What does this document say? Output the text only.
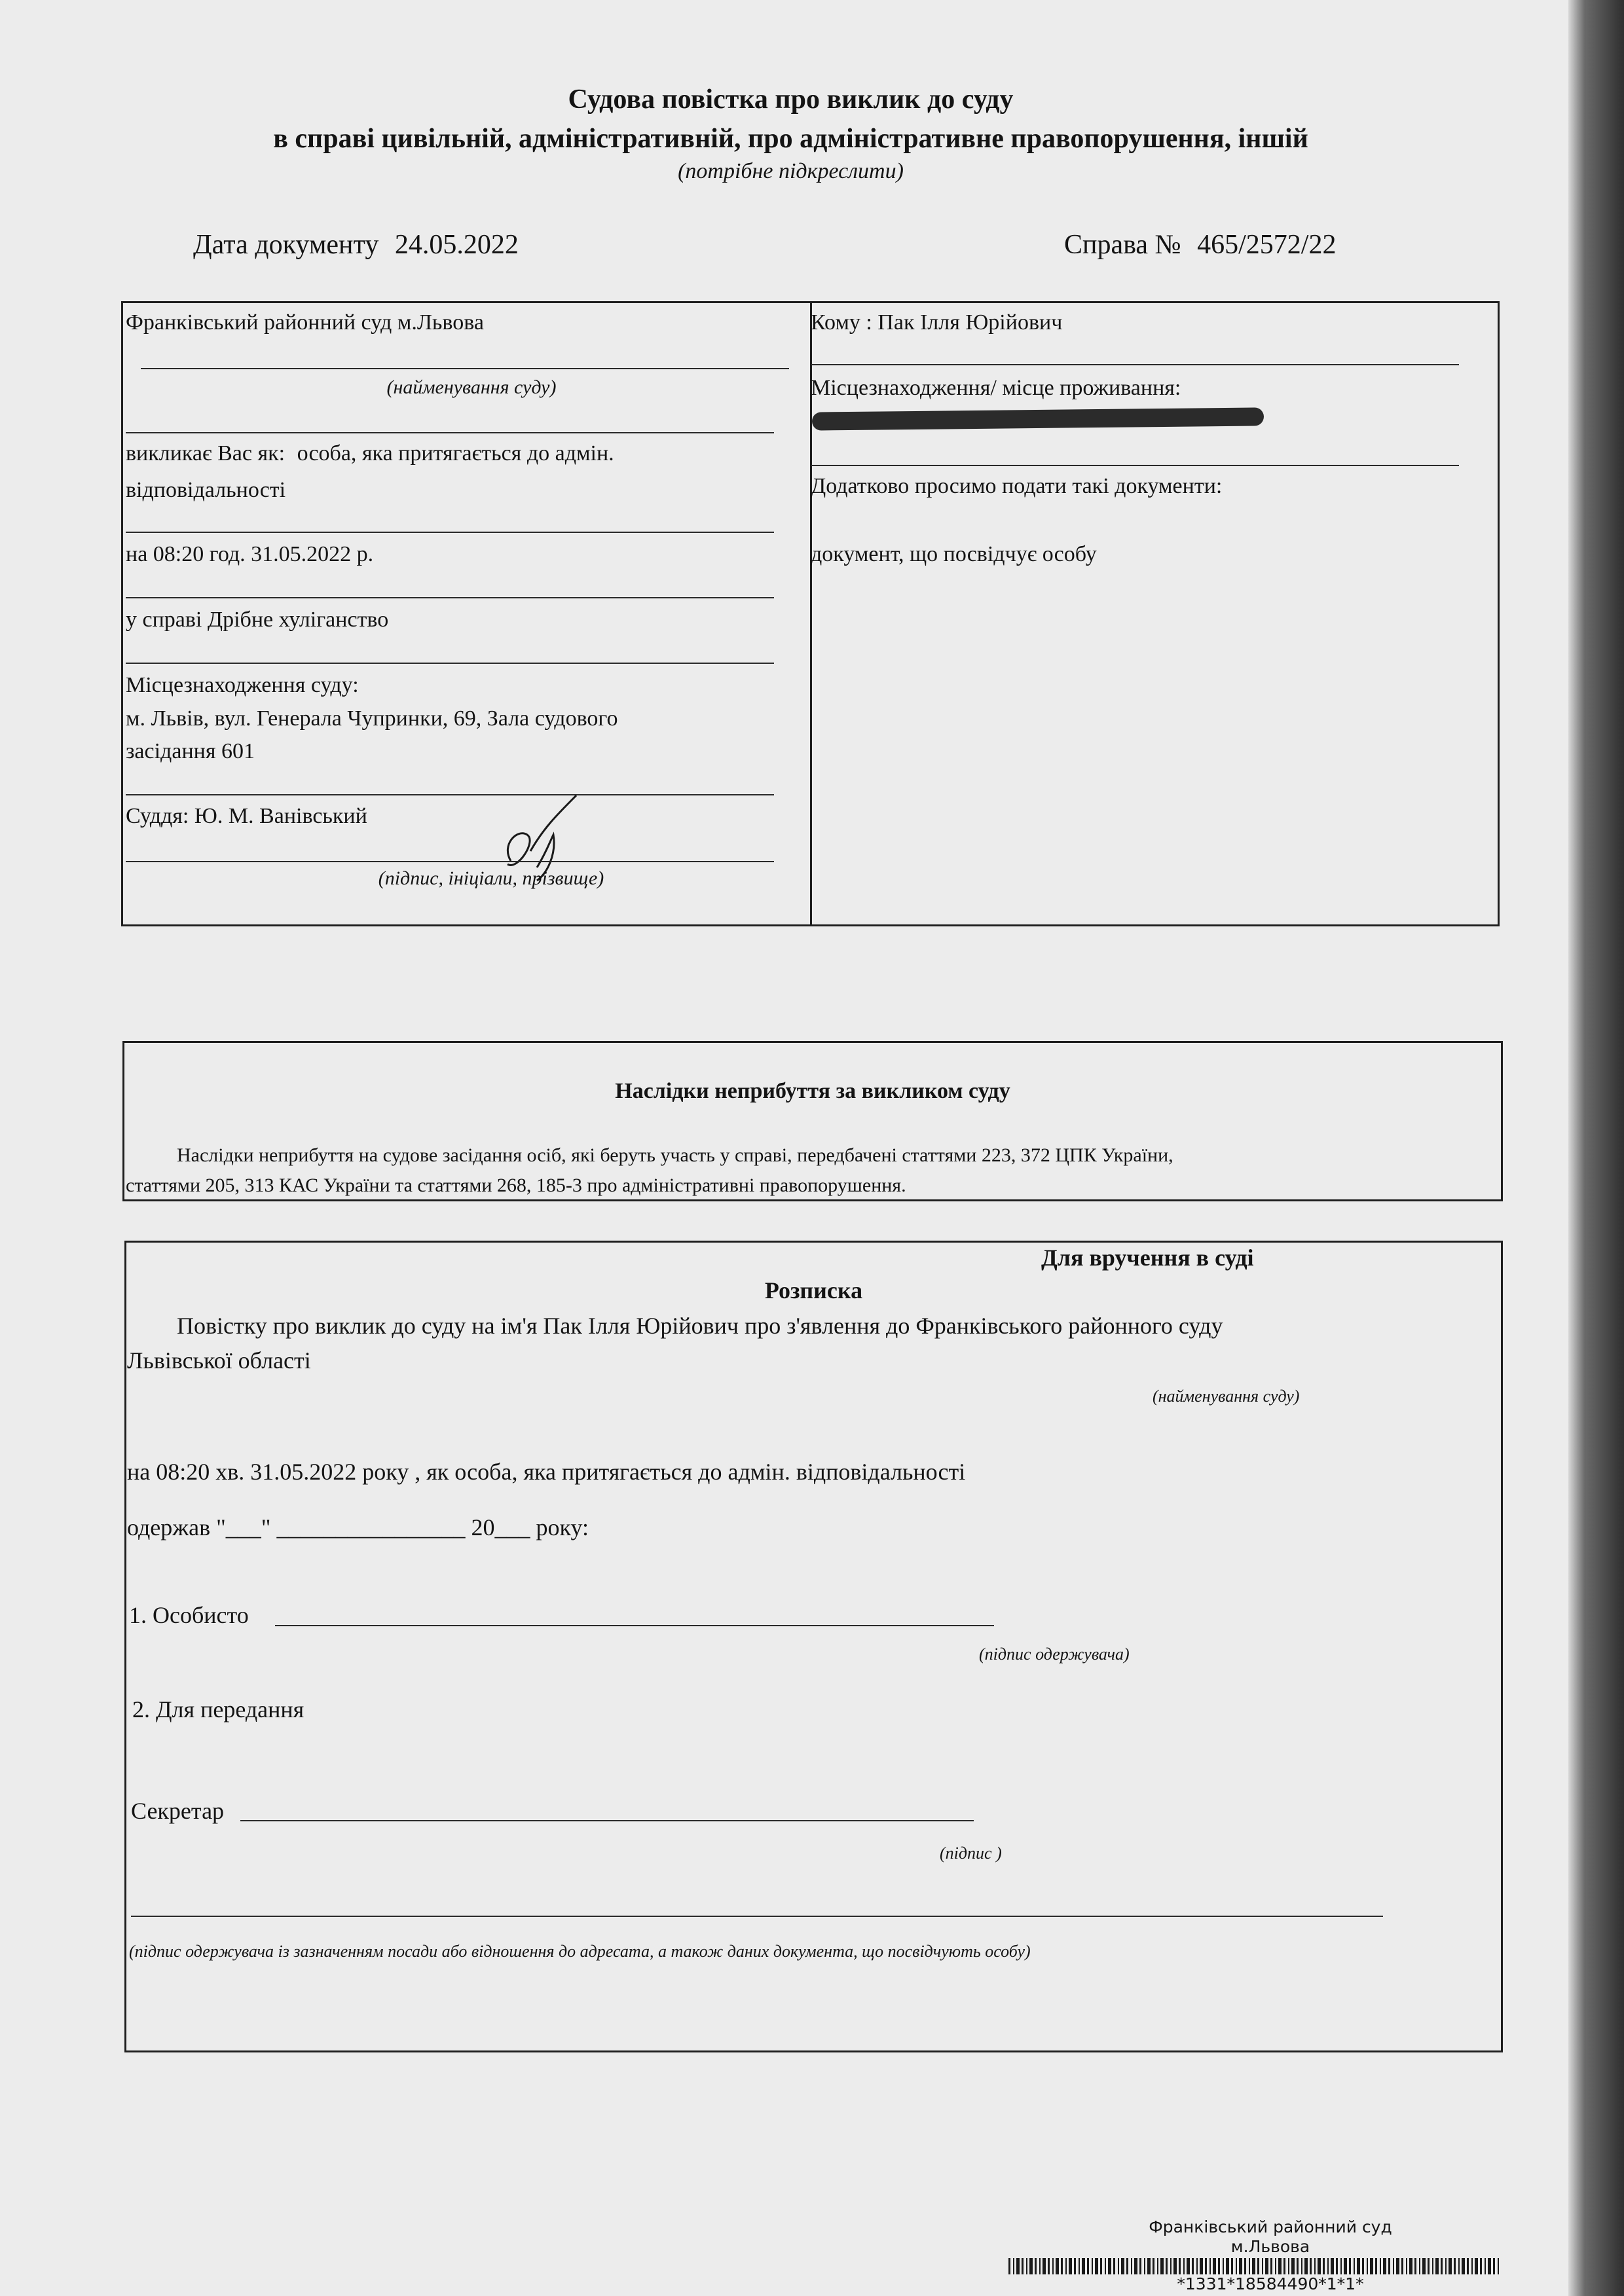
Судова повістка про виклик до суду
в справі цивільній, адміністративній, про адміністративне правопорушення, іншій
(потрібне підкреслити)
Дата документу 24.05.2022	Справа № 465/2572/22
Франківський районний суд м.Львова
(найменування суду)
викликає Вас як: особа, яка притягається до адмін.
відповідальності
на 08:20 год. 31.05.2022 р.
у справі Дрібне хуліганство
Місцезнаходження суду:
м. Львів, вул. Генерала Чупринки, 69, Зала судового
засідання 601
Суддя: Ю. М. Ванівський
(підпис, ініціали, прізвище)
Кому : Пак Ілля Юрійович
Місцезнаходження/ місце проживання:
Додатково просимо подати такі документи:
документ, що посвідчує особу
Наслідки неприбуття за викликом суду
Наслідки неприбуття на судове засідання осіб, які беруть участь у справі, передбачені статтями 223, 372 ЦПК України,
статтями 205, 313 КАС України та статтями 268, 185-3 про адміністративні правопорушення.
Для вручення в суді
Розписка
Повістку про виклик до суду на ім'я Пак Ілля Юрійович про з'явлення до Франківського районного суду
Львівської області
(найменування суду)
на 08:20 хв. 31.05.2022 року , як особа, яка притягається до адмін. відповідальності
одержав "___" ________________ 20___ року:
1. Особисто
(підпис одержувача)
2. Для передання
Секретар
(підпис )
(підпис одержувача із зазначенням посади або відношення до адресата, а також даних документа, що посвідчують особу)
Франківський районний суд
м.Львова
*1331*18584490*1*1*
